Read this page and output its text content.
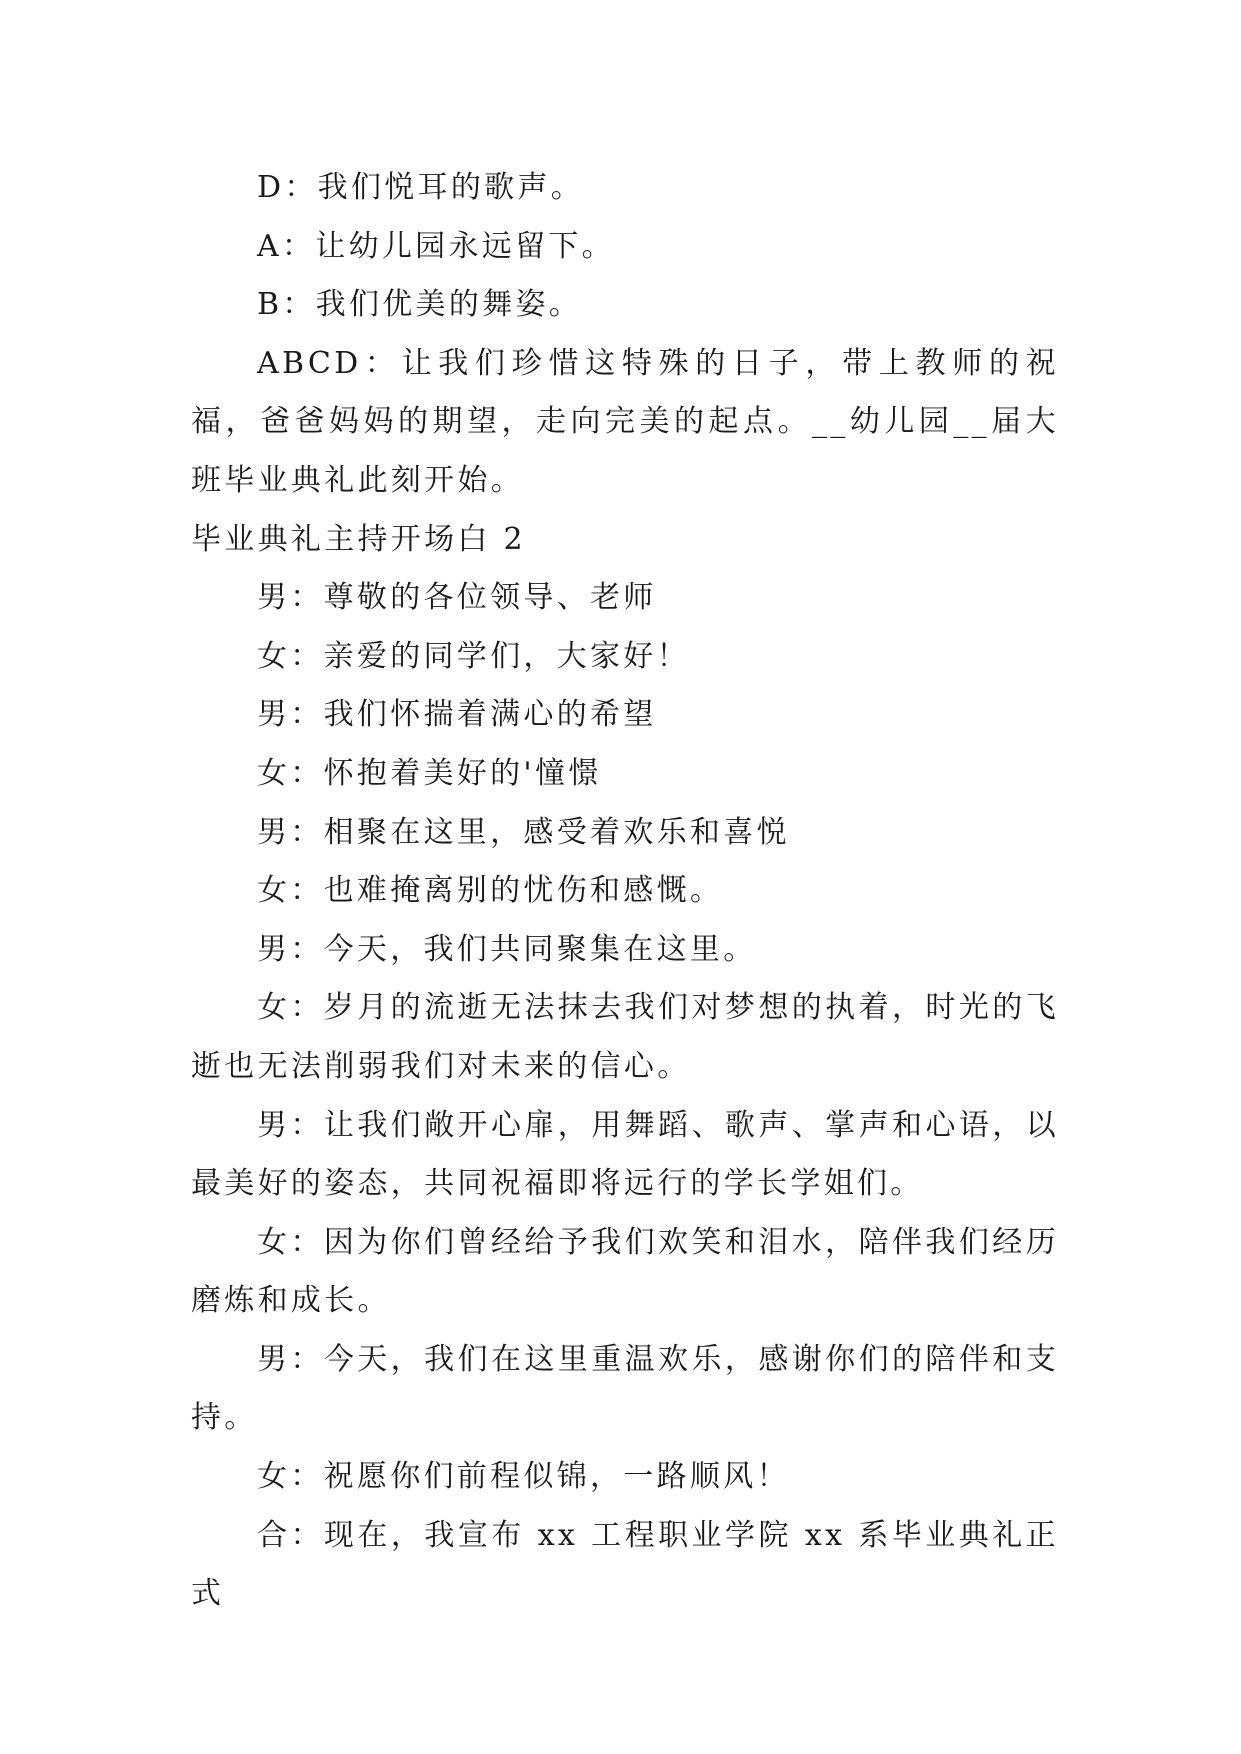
D：我们悦耳的歌声。

A：让幼儿园永远留下。

B：我们优美的舞姿。

ABCD：让我们珍惜这特殊的日子，带上教师的祝福，爸爸妈妈的期望，走向完美的起点。__幼儿园__届大班毕业典礼此刻开始。

毕业典礼主持开场白 2

男：尊敬的各位领导、老师

女：亲爱的同学们，大家好！

男：我们怀揣着满心的希望

女：怀抱着美好的'憧憬

男：相聚在这里，感受着欢乐和喜悦

女：也难掩离别的忧伤和感慨。

男：今天，我们共同聚集在这里。

女：岁月的流逝无法抹去我们对梦想的执着，时光的飞逝也无法削弱我们对未来的信心。

男：让我们敞开心扉，用舞蹈、歌声、掌声和心语，以最美好的姿态，共同祝福即将远行的学长学姐们。

女：因为你们曾经给予我们欢笑和泪水，陪伴我们经历磨炼和成长。

男：今天，我们在这里重温欢乐，感谢你们的陪伴和支持。

女：祝愿你们前程似锦，一路顺风！

合：现在，我宣布 xx 工程职业学院 xx 系毕业典礼正式
